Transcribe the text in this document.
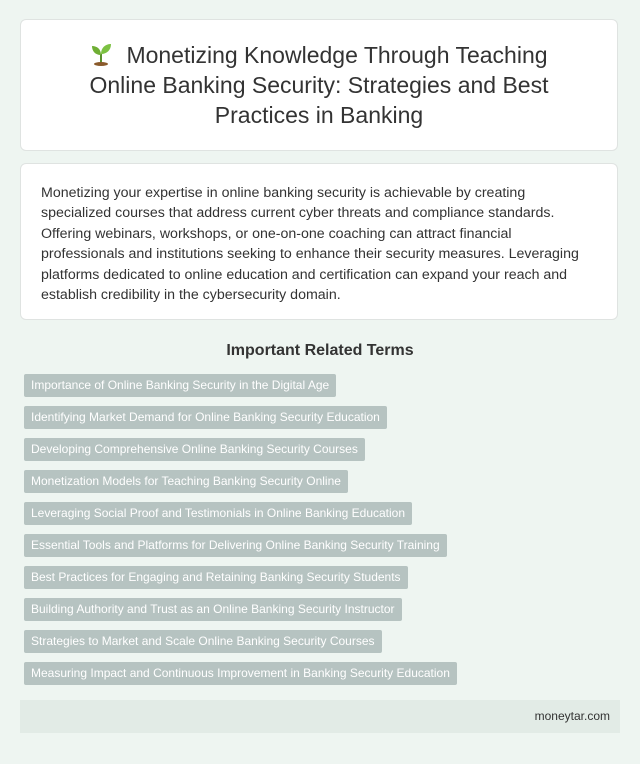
Monetizing Knowledge Through Teaching Online Banking Security: Strategies and Best Practices in Banking

Monetizing your expertise in online banking security is achievable by creating specialized courses that address current cyber threats and compliance standards. Offering webinars, workshops, or one-on-one coaching can attract financial professionals and institutions seeking to enhance their security measures. Leveraging platforms dedicated to online education and certification can expand your reach and establish credibility in the cybersecurity domain.

Important Related Terms
Importance of Online Banking Security in the Digital Age
Identifying Market Demand for Online Banking Security Education
Developing Comprehensive Online Banking Security Courses
Monetization Models for Teaching Banking Security Online
Leveraging Social Proof and Testimonials in Online Banking Education
Essential Tools and Platforms for Delivering Online Banking Security Training
Best Practices for Engaging and Retaining Banking Security Students
Building Authority and Trust as an Online Banking Security Instructor
Strategies to Market and Scale Online Banking Security Courses
Measuring Impact and Continuous Improvement in Banking Security Education
moneytar.com
